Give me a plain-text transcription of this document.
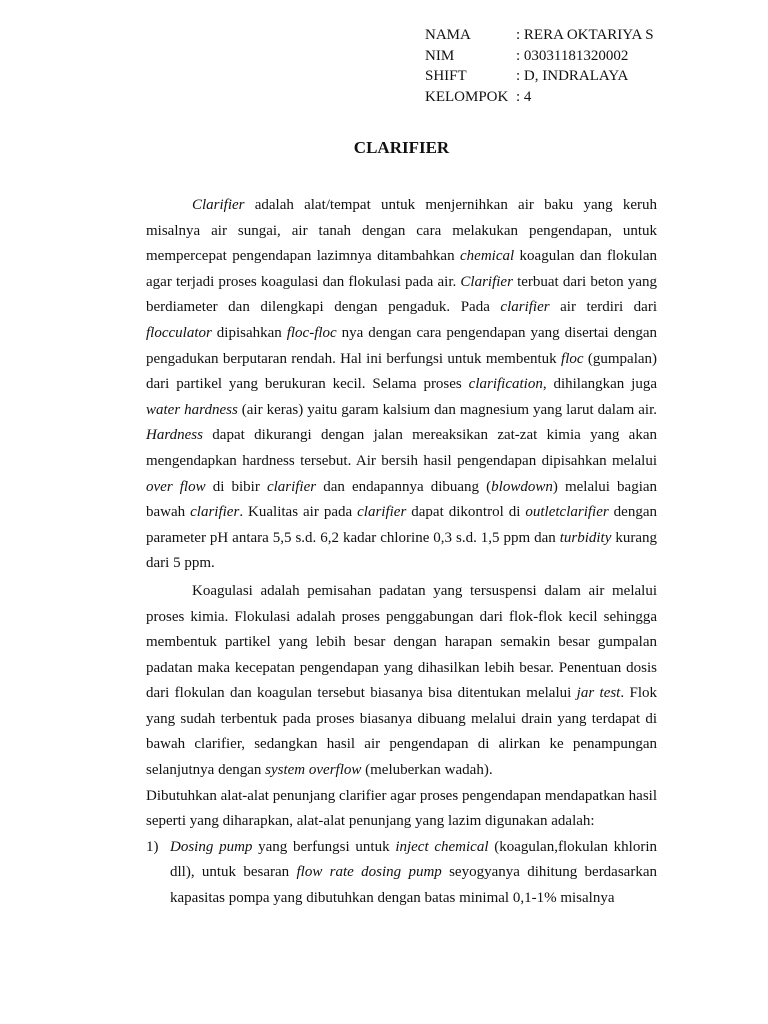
NAMA	: RERA OKTARIYA S
NIM	: 03031181320002
SHIFT	: D, INDRALAYA
KELOMPOK : 4
CLARIFIER

Clarifier adalah alat/tempat untuk menjernihkan air baku yang keruh misalnya air sungai, air tanah dengan cara melakukan pengendapan, untuk mempercepat pengendapan lazimnya ditambahkan chemical koagulan dan flokulan agar terjadi proses koagulasi dan flokulasi pada air. Clarifier terbuat dari beton yang berdiameter dan dilengkapi dengan pengaduk. Pada clarifier air terdiri dari flocculator dipisahkan floc-floc nya dengan cara pengendapan yang disertai dengan pengadukan berputaran rendah. Hal ini berfungsi untuk membentuk floc (gumpalan) dari partikel yang berukuran kecil. Selama proses clarification, dihilangkan juga water hardness (air keras) yaitu garam kalsium dan magnesium yang larut dalam air. Hardness dapat dikurangi dengan jalan mereaksikan zat-zat kimia yang akan mengendapkan hardness tersebut. Air bersih hasil pengendapan dipisahkan melalui over flow di bibir clarifier dan endapannya dibuang (blowdown) melalui bagian bawah clarifier. Kualitas air pada clarifier dapat dikontrol di outletclarifier dengan parameter pH antara 5,5 s.d. 6,2 kadar chlorine 0,3 s.d. 1,5 ppm dan turbidity kurang dari 5 ppm.

Koagulasi adalah pemisahan padatan yang tersuspensi dalam air melalui proses kimia. Flokulasi adalah proses penggabungan dari flok-flok kecil sehingga membentuk partikel yang lebih besar dengan harapan semakin besar gumpalan padatan maka kecepatan pengendapan yang dihasilkan lebih besar. Penentuan dosis dari flokulan dan koagulan tersebut biasanya bisa ditentukan melalui jar test. Flok yang sudah terbentuk pada proses biasanya dibuang melalui drain yang terdapat di bawah clarifier, sedangkan hasil air pengendapan di alirkan ke penampungan selanjutnya dengan system overflow (meluberkan wadah).

Dibutuhkan alat-alat penunjang clarifier agar proses pengendapan mendapatkan hasil seperti yang diharapkan, alat-alat penunjang yang lazim digunakan adalah:

1) Dosing pump yang berfungsi untuk inject chemical (koagulan,flokulan khlorin dll), untuk besaran flow rate dosing pump seyogyanya dihitung berdasarkan kapasitas pompa yang dibutuhkan dengan batas minimal 0,1-1% misalnya
